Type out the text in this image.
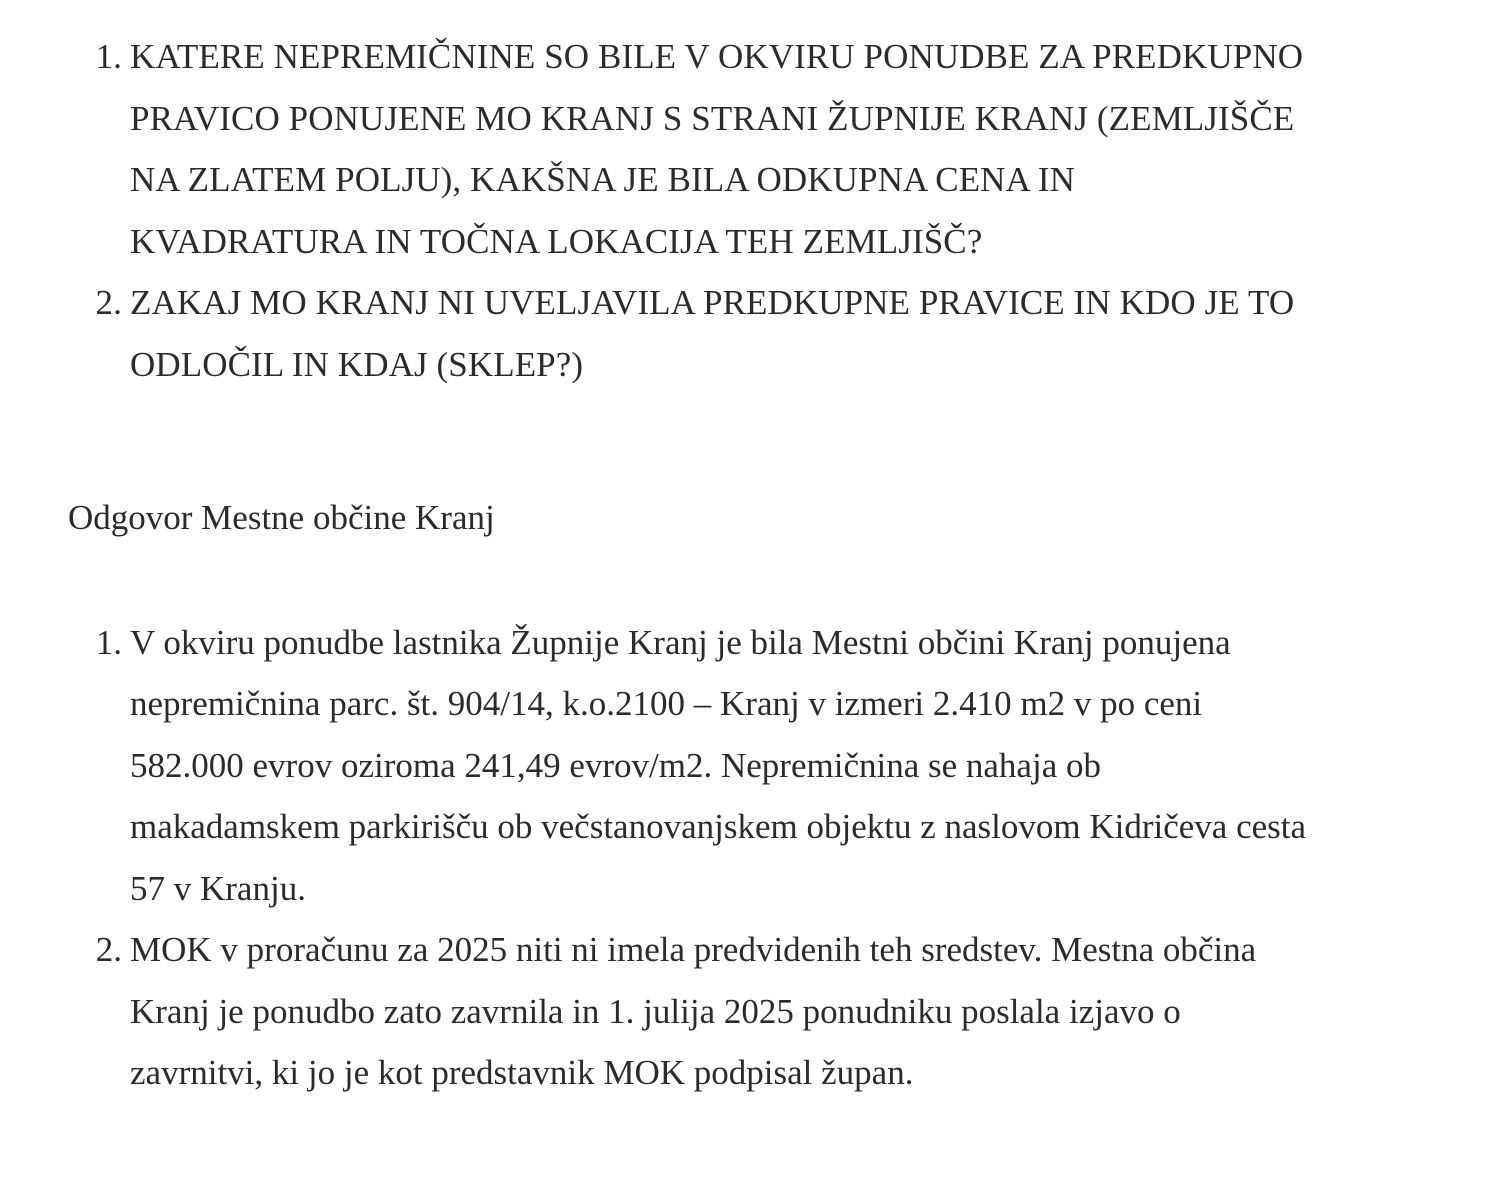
KATERE NEPREMIČNINE SO BILE V OKVIRU PONUDBE ZA PREDKUPNO PRAVICO PONUJENE MO KRANJ S STRANI ŽUPNIJE KRANJ (ZEMLJIŠČE NA ZLATEM POLJU), KAKŠNA JE BILA ODKUPNA CENA IN KVADRATURA IN TOČNA LOKACIJA TEH ZEMLJIŠČ?
ZAKAJ MO KRANJ NI UVELJAVILA PREDKUPNE PRAVICE IN KDO JE TO ODLOČIL IN KDAJ (SKLEP?)

Odgovor Mestne občine Kranj

V okviru ponudbe lastnika Župnije Kranj je bila Mestni občini Kranj ponujena nepremičnina parc. št. 904/14, k.o.2100 – Kranj v izmeri 2.410 m2 v po ceni 582.000 evrov oziroma 241,49 evrov/m2. Nepremičnina se nahaja ob makadamskem parkirišču ob večstanovanjskem objektu z naslovom Kidričeva cesta 57 v Kranju.
MOK v proračunu za 2025 niti ni imela predvidenih teh sredstev. Mestna občina Kranj je ponudbo zato zavrnila in 1. julija 2025 ponudniku poslala izjavo o zavrnitvi, ki jo je kot predstavnik MOK podpisal župan.
